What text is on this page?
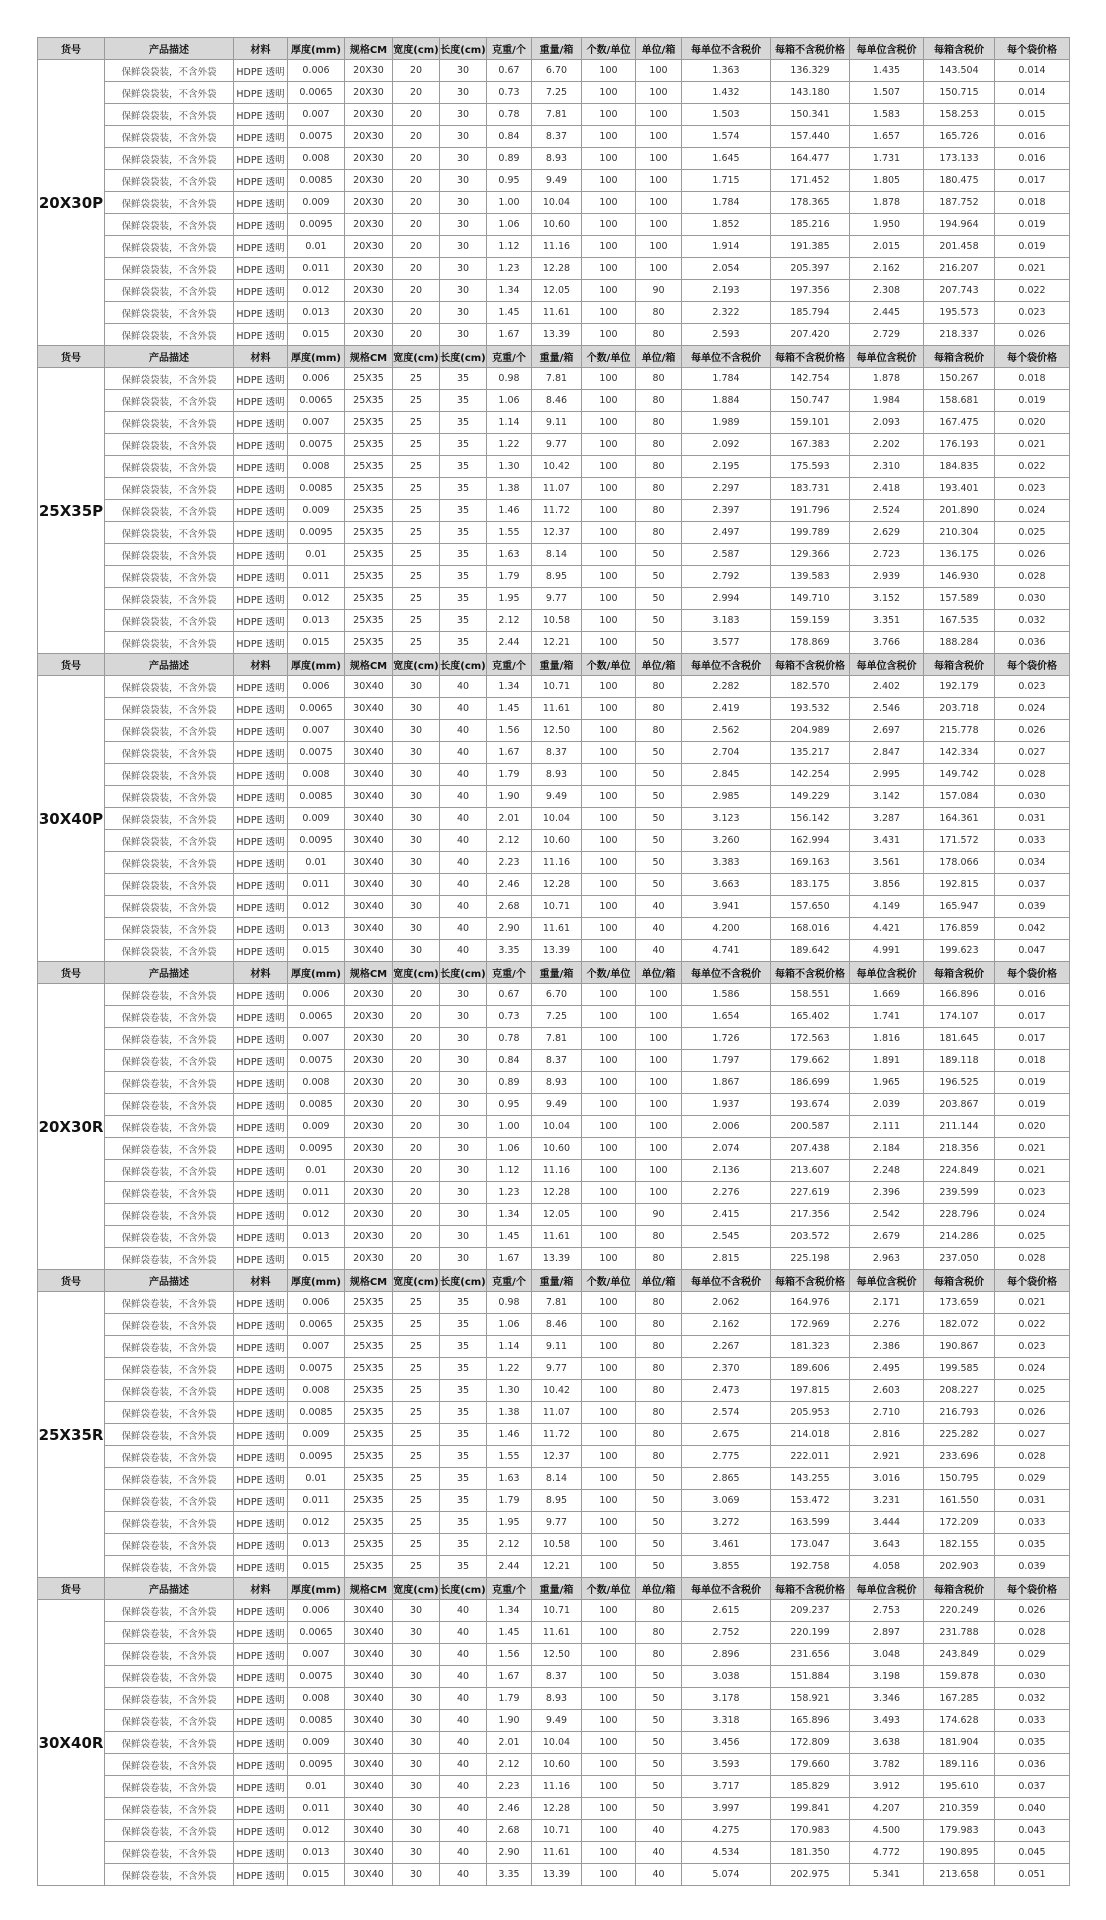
货号	产品描述	材料	厚度(mm)	规格CM	宽度(cm)	长度(cm)	克重/个	重量/箱	个数/单位	单位/箱	每单位不含税价	每箱不含税价格	每单位含税价	每箱含税价	每个袋价格
20X30P	保鲜袋袋装，不含外袋	HDPE 透明	0.006	20X30	20	30	0.67	6.70	100	100	1.363	136.329	1.435	143.504	0.014
	保鲜袋袋装，不含外袋	HDPE 透明	0.0065	20X30	20	30	0.73	7.25	100	100	1.432	143.180	1.507	150.715	0.014
	保鲜袋袋装，不含外袋	HDPE 透明	0.007	20X30	20	30	0.78	7.81	100	100	1.503	150.341	1.583	158.253	0.015
	保鲜袋袋装，不含外袋	HDPE 透明	0.0075	20X30	20	30	0.84	8.37	100	100	1.574	157.440	1.657	165.726	0.016
	保鲜袋袋装，不含外袋	HDPE 透明	0.008	20X30	20	30	0.89	8.93	100	100	1.645	164.477	1.731	173.133	0.016
	保鲜袋袋装，不含外袋	HDPE 透明	0.0085	20X30	20	30	0.95	9.49	100	100	1.715	171.452	1.805	180.475	0.017
	保鲜袋袋装，不含外袋	HDPE 透明	0.009	20X30	20	30	1.00	10.04	100	100	1.784	178.365	1.878	187.752	0.018
	保鲜袋袋装，不含外袋	HDPE 透明	0.0095	20X30	20	30	1.06	10.60	100	100	1.852	185.216	1.950	194.964	0.019
	保鲜袋袋装，不含外袋	HDPE 透明	0.01	20X30	20	30	1.12	11.16	100	100	1.914	191.385	2.015	201.458	0.019
	保鲜袋袋装，不含外袋	HDPE 透明	0.011	20X30	20	30	1.23	12.28	100	100	2.054	205.397	2.162	216.207	0.021
	保鲜袋袋装，不含外袋	HDPE 透明	0.012	20X30	20	30	1.34	12.05	100	90	2.193	197.356	2.308	207.743	0.022
	保鲜袋袋装，不含外袋	HDPE 透明	0.013	20X30	20	30	1.45	11.61	100	80	2.322	185.794	2.445	195.573	0.023
	保鲜袋袋装，不含外袋	HDPE 透明	0.015	20X30	20	30	1.67	13.39	100	80	2.593	207.420	2.729	218.337	0.026
货号	产品描述	材料	厚度(mm)	规格CM	宽度(cm)	长度(cm)	克重/个	重量/箱	个数/单位	单位/箱	每单位不含税价	每箱不含税价格	每单位含税价	每箱含税价	每个袋价格
25X35P	保鲜袋袋装，不含外袋	HDPE 透明	0.006	25X35	25	35	0.98	7.81	100	80	1.784	142.754	1.878	150.267	0.018
	保鲜袋袋装，不含外袋	HDPE 透明	0.0065	25X35	25	35	1.06	8.46	100	80	1.884	150.747	1.984	158.681	0.019
	保鲜袋袋装，不含外袋	HDPE 透明	0.007	25X35	25	35	1.14	9.11	100	80	1.989	159.101	2.093	167.475	0.020
	保鲜袋袋装，不含外袋	HDPE 透明	0.0075	25X35	25	35	1.22	9.77	100	80	2.092	167.383	2.202	176.193	0.021
	保鲜袋袋装，不含外袋	HDPE 透明	0.008	25X35	25	35	1.30	10.42	100	80	2.195	175.593	2.310	184.835	0.022
	保鲜袋袋装，不含外袋	HDPE 透明	0.0085	25X35	25	35	1.38	11.07	100	80	2.297	183.731	2.418	193.401	0.023
	保鲜袋袋装，不含外袋	HDPE 透明	0.009	25X35	25	35	1.46	11.72	100	80	2.397	191.796	2.524	201.890	0.024
	保鲜袋袋装，不含外袋	HDPE 透明	0.0095	25X35	25	35	1.55	12.37	100	80	2.497	199.789	2.629	210.304	0.025
	保鲜袋袋装，不含外袋	HDPE 透明	0.01	25X35	25	35	1.63	8.14	100	50	2.587	129.366	2.723	136.175	0.026
	保鲜袋袋装，不含外袋	HDPE 透明	0.011	25X35	25	35	1.79	8.95	100	50	2.792	139.583	2.939	146.930	0.028
	保鲜袋袋装，不含外袋	HDPE 透明	0.012	25X35	25	35	1.95	9.77	100	50	2.994	149.710	3.152	157.589	0.030
	保鲜袋袋装，不含外袋	HDPE 透明	0.013	25X35	25	35	2.12	10.58	100	50	3.183	159.159	3.351	167.535	0.032
	保鲜袋袋装，不含外袋	HDPE 透明	0.015	25X35	25	35	2.44	12.21	100	50	3.577	178.869	3.766	188.284	0.036
货号	产品描述	材料	厚度(mm)	规格CM	宽度(cm)	长度(cm)	克重/个	重量/箱	个数/单位	单位/箱	每单位不含税价	每箱不含税价格	每单位含税价	每箱含税价	每个袋价格
30X40P	保鲜袋袋装，不含外袋	HDPE 透明	0.006	30X40	30	40	1.34	10.71	100	80	2.282	182.570	2.402	192.179	0.023
	保鲜袋袋装，不含外袋	HDPE 透明	0.0065	30X40	30	40	1.45	11.61	100	80	2.419	193.532	2.546	203.718	0.024
	保鲜袋袋装，不含外袋	HDPE 透明	0.007	30X40	30	40	1.56	12.50	100	80	2.562	204.989	2.697	215.778	0.026
	保鲜袋袋装，不含外袋	HDPE 透明	0.0075	30X40	30	40	1.67	8.37	100	50	2.704	135.217	2.847	142.334	0.027
	保鲜袋袋装，不含外袋	HDPE 透明	0.008	30X40	30	40	1.79	8.93	100	50	2.845	142.254	2.995	149.742	0.028
	保鲜袋袋装，不含外袋	HDPE 透明	0.0085	30X40	30	40	1.90	9.49	100	50	2.985	149.229	3.142	157.084	0.030
	保鲜袋袋装，不含外袋	HDPE 透明	0.009	30X40	30	40	2.01	10.04	100	50	3.123	156.142	3.287	164.361	0.031
	保鲜袋袋装，不含外袋	HDPE 透明	0.0095	30X40	30	40	2.12	10.60	100	50	3.260	162.994	3.431	171.572	0.033
	保鲜袋袋装，不含外袋	HDPE 透明	0.01	30X40	30	40	2.23	11.16	100	50	3.383	169.163	3.561	178.066	0.034
	保鲜袋袋装，不含外袋	HDPE 透明	0.011	30X40	30	40	2.46	12.28	100	50	3.663	183.175	3.856	192.815	0.037
	保鲜袋袋装，不含外袋	HDPE 透明	0.012	30X40	30	40	2.68	10.71	100	40	3.941	157.650	4.149	165.947	0.039
	保鲜袋袋装，不含外袋	HDPE 透明	0.013	30X40	30	40	2.90	11.61	100	40	4.200	168.016	4.421	176.859	0.042
	保鲜袋袋装，不含外袋	HDPE 透明	0.015	30X40	30	40	3.35	13.39	100	40	4.741	189.642	4.991	199.623	0.047
货号	产品描述	材料	厚度(mm)	规格CM	宽度(cm)	长度(cm)	克重/个	重量/箱	个数/单位	单位/箱	每单位不含税价	每箱不含税价格	每单位含税价	每箱含税价	每个袋价格
20X30R	保鲜袋卷装，不含外袋	HDPE 透明	0.006	20X30	20	30	0.67	6.70	100	100	1.586	158.551	1.669	166.896	0.016
	保鲜袋卷装，不含外袋	HDPE 透明	0.0065	20X30	20	30	0.73	7.25	100	100	1.654	165.402	1.741	174.107	0.017
	保鲜袋卷装，不含外袋	HDPE 透明	0.007	20X30	20	30	0.78	7.81	100	100	1.726	172.563	1.816	181.645	0.017
	保鲜袋卷装，不含外袋	HDPE 透明	0.0075	20X30	20	30	0.84	8.37	100	100	1.797	179.662	1.891	189.118	0.018
	保鲜袋卷装，不含外袋	HDPE 透明	0.008	20X30	20	30	0.89	8.93	100	100	1.867	186.699	1.965	196.525	0.019
	保鲜袋卷装，不含外袋	HDPE 透明	0.0085	20X30	20	30	0.95	9.49	100	100	1.937	193.674	2.039	203.867	0.019
	保鲜袋卷装，不含外袋	HDPE 透明	0.009	20X30	20	30	1.00	10.04	100	100	2.006	200.587	2.111	211.144	0.020
	保鲜袋卷装，不含外袋	HDPE 透明	0.0095	20X30	20	30	1.06	10.60	100	100	2.074	207.438	2.184	218.356	0.021
	保鲜袋卷装，不含外袋	HDPE 透明	0.01	20X30	20	30	1.12	11.16	100	100	2.136	213.607	2.248	224.849	0.021
	保鲜袋卷装，不含外袋	HDPE 透明	0.011	20X30	20	30	1.23	12.28	100	100	2.276	227.619	2.396	239.599	0.023
	保鲜袋卷装，不含外袋	HDPE 透明	0.012	20X30	20	30	1.34	12.05	100	90	2.415	217.356	2.542	228.796	0.024
	保鲜袋卷装，不含外袋	HDPE 透明	0.013	20X30	20	30	1.45	11.61	100	80	2.545	203.572	2.679	214.286	0.025
	保鲜袋卷装，不含外袋	HDPE 透明	0.015	20X30	20	30	1.67	13.39	100	80	2.815	225.198	2.963	237.050	0.028
货号	产品描述	材料	厚度(mm)	规格CM	宽度(cm)	长度(cm)	克重/个	重量/箱	个数/单位	单位/箱	每单位不含税价	每箱不含税价格	每单位含税价	每箱含税价	每个袋价格
25X35R	保鲜袋卷装，不含外袋	HDPE 透明	0.006	25X35	25	35	0.98	7.81	100	80	2.062	164.976	2.171	173.659	0.021
	保鲜袋卷装，不含外袋	HDPE 透明	0.0065	25X35	25	35	1.06	8.46	100	80	2.162	172.969	2.276	182.072	0.022
	保鲜袋卷装，不含外袋	HDPE 透明	0.007	25X35	25	35	1.14	9.11	100	80	2.267	181.323	2.386	190.867	0.023
	保鲜袋卷装，不含外袋	HDPE 透明	0.0075	25X35	25	35	1.22	9.77	100	80	2.370	189.606	2.495	199.585	0.024
	保鲜袋卷装，不含外袋	HDPE 透明	0.008	25X35	25	35	1.30	10.42	100	80	2.473	197.815	2.603	208.227	0.025
	保鲜袋卷装，不含外袋	HDPE 透明	0.0085	25X35	25	35	1.38	11.07	100	80	2.574	205.953	2.710	216.793	0.026
	保鲜袋卷装，不含外袋	HDPE 透明	0.009	25X35	25	35	1.46	11.72	100	80	2.675	214.018	2.816	225.282	0.027
	保鲜袋卷装，不含外袋	HDPE 透明	0.0095	25X35	25	35	1.55	12.37	100	80	2.775	222.011	2.921	233.696	0.028
	保鲜袋卷装，不含外袋	HDPE 透明	0.01	25X35	25	35	1.63	8.14	100	50	2.865	143.255	3.016	150.795	0.029
	保鲜袋卷装，不含外袋	HDPE 透明	0.011	25X35	25	35	1.79	8.95	100	50	3.069	153.472	3.231	161.550	0.031
	保鲜袋卷装，不含外袋	HDPE 透明	0.012	25X35	25	35	1.95	9.77	100	50	3.272	163.599	3.444	172.209	0.033
	保鲜袋卷装，不含外袋	HDPE 透明	0.013	25X35	25	35	2.12	10.58	100	50	3.461	173.047	3.643	182.155	0.035
	保鲜袋卷装，不含外袋	HDPE 透明	0.015	25X35	25	35	2.44	12.21	100	50	3.855	192.758	4.058	202.903	0.039
货号	产品描述	材料	厚度(mm)	规格CM	宽度(cm)	长度(cm)	克重/个	重量/箱	个数/单位	单位/箱	每单位不含税价	每箱不含税价格	每单位含税价	每箱含税价	每个袋价格
30X40R	保鲜袋卷装，不含外袋	HDPE 透明	0.006	30X40	30	40	1.34	10.71	100	80	2.615	209.237	2.753	220.249	0.026
	保鲜袋卷装，不含外袋	HDPE 透明	0.0065	30X40	30	40	1.45	11.61	100	80	2.752	220.199	2.897	231.788	0.028
	保鲜袋卷装，不含外袋	HDPE 透明	0.007	30X40	30	40	1.56	12.50	100	80	2.896	231.656	3.048	243.849	0.029
	保鲜袋卷装，不含外袋	HDPE 透明	0.0075	30X40	30	40	1.67	8.37	100	50	3.038	151.884	3.198	159.878	0.030
	保鲜袋卷装，不含外袋	HDPE 透明	0.008	30X40	30	40	1.79	8.93	100	50	3.178	158.921	3.346	167.285	0.032
	保鲜袋卷装，不含外袋	HDPE 透明	0.0085	30X40	30	40	1.90	9.49	100	50	3.318	165.896	3.493	174.628	0.033
	保鲜袋卷装，不含外袋	HDPE 透明	0.009	30X40	30	40	2.01	10.04	100	50	3.456	172.809	3.638	181.904	0.035
	保鲜袋卷装，不含外袋	HDPE 透明	0.0095	30X40	30	40	2.12	10.60	100	50	3.593	179.660	3.782	189.116	0.036
	保鲜袋卷装，不含外袋	HDPE 透明	0.01	30X40	30	40	2.23	11.16	100	50	3.717	185.829	3.912	195.610	0.037
	保鲜袋卷装，不含外袋	HDPE 透明	0.011	30X40	30	40	2.46	12.28	100	50	3.997	199.841	4.207	210.359	0.040
	保鲜袋卷装，不含外袋	HDPE 透明	0.012	30X40	30	40	2.68	10.71	100	40	4.275	170.983	4.500	179.983	0.043
	保鲜袋卷装，不含外袋	HDPE 透明	0.013	30X40	30	40	2.90	11.61	100	40	4.534	181.350	4.772	190.895	0.045
	保鲜袋卷装，不含外袋	HDPE 透明	0.015	30X40	30	40	3.35	13.39	100	40	5.074	202.975	5.341	213.658	0.051
